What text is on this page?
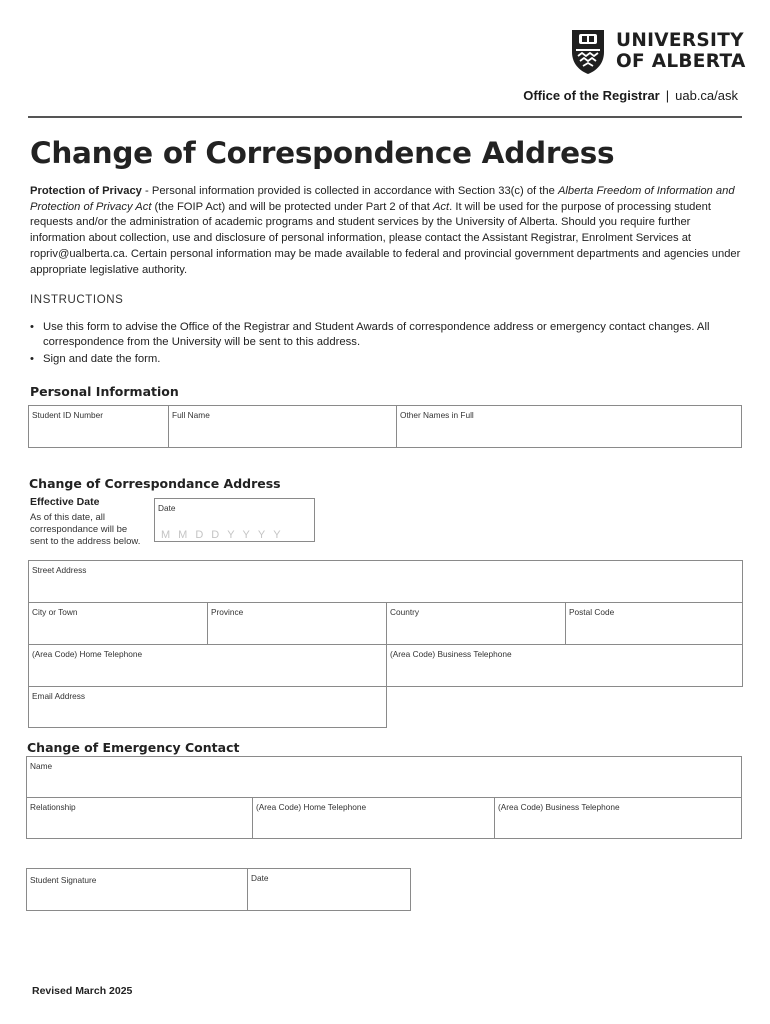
UNIVERSITY
OF ALBERTA
Office of the Registrar | uab.ca/ask
Change of Correspondence Address
Protection of Privacy - Personal information provided is collected in accordance with Section 33(c) of the Alberta Freedom of Information and Protection of Privacy Act (the FOIP Act) and will be protected under Part 2 of that Act. It will be used for the purpose of processing student requests and/or the administration of academic programs and student services by the University of Alberta. Should you require further information about collection, use and disclosure of personal information, please contact the Assistant Registrar, Enrolment Services at ropriv@ualberta.ca. Certain personal information may be made available to federal and provincial government departments and agencies under appropriate legislative authority.
INSTRUCTIONS
• Use this form to advise the Office of the Registrar and Student Awards of correspondence address or emergency contact changes. All correspondence from the University will be sent to this address.
• Sign and date the form.
Personal Information
Student ID Number	Full Name	Other Names in Full
Change of Correspondance Address
Effective Date
As of this date, all correspondance will be sent to the address below.
Date
MMDDYYYY
Street Address
City or Town	Province	Country	Postal Code
(Area Code) Home Telephone	(Area Code) Business Telephone
Email Address
Change of Emergency Contact
Name
Relationship	(Area Code) Home Telephone	(Area Code) Business Telephone
Student Signature	Date
Revised March 2025
